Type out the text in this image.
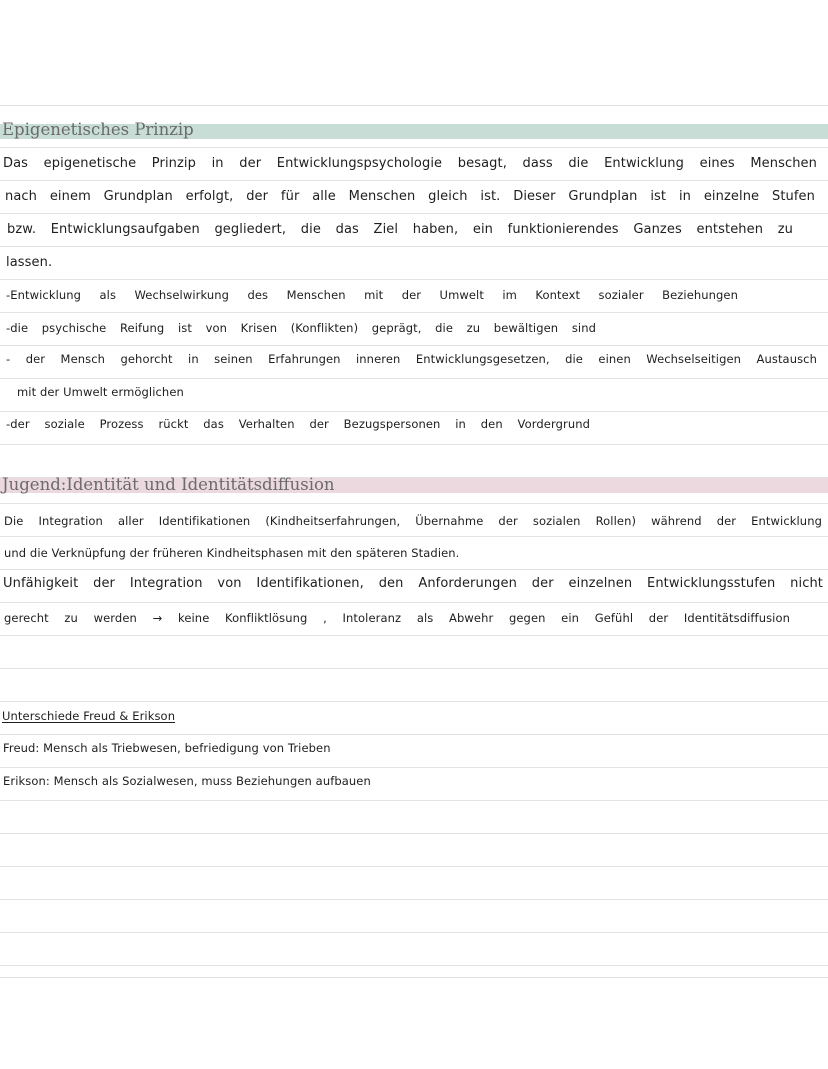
Epigenetisches Prinzip

Das epigenetische Prinzip in der Entwicklungspsychologie besagt, dass die Entwicklung eines Menschen

nach einem Grundplan erfolgt, der für alle Menschen gleich ist. Dieser Grundplan ist in einzelne Stufen

bzw. Entwicklungsaufgaben gegliedert, die das Ziel haben, ein funktionierendes Ganzes entstehen zu

lassen.

-Entwicklung als Wechselwirkung des Menschen mit der Umwelt im Kontext sozialer Beziehungen

-die psychische Reifung ist von Krisen (Konflikten) geprägt, die zu bewältigen sind

- der Mensch gehorcht in seinen Erfahrungen inneren Entwicklungsgesetzen, die einen Wechselseitigen Austausch

mit der Umwelt ermöglichen

-der soziale Prozess rückt das Verhalten der Bezugspersonen in den Vordergrund

Jugend:Identität und Identitätsdiffusion

Die Integration aller Identifikationen (Kindheitserfahrungen, Übernahme der sozialen Rollen) während der Entwicklung

und die Verknüpfung der früheren Kindheitsphasen mit den späteren Stadien.

Unfähigkeit der Integration von Identifikationen, den Anforderungen der einzelnen Entwicklungsstufen nicht

gerecht zu werden → keine Konfliktlösung , Intoleranz als Abwehr gegen ein Gefühl der Identitätsdiffusion

Unterschiede Freud & Erikson

Freud: Mensch als Triebwesen, befriedigung von Trieben

Erikson: Mensch als Sozialwesen, muss Beziehungen aufbauen
